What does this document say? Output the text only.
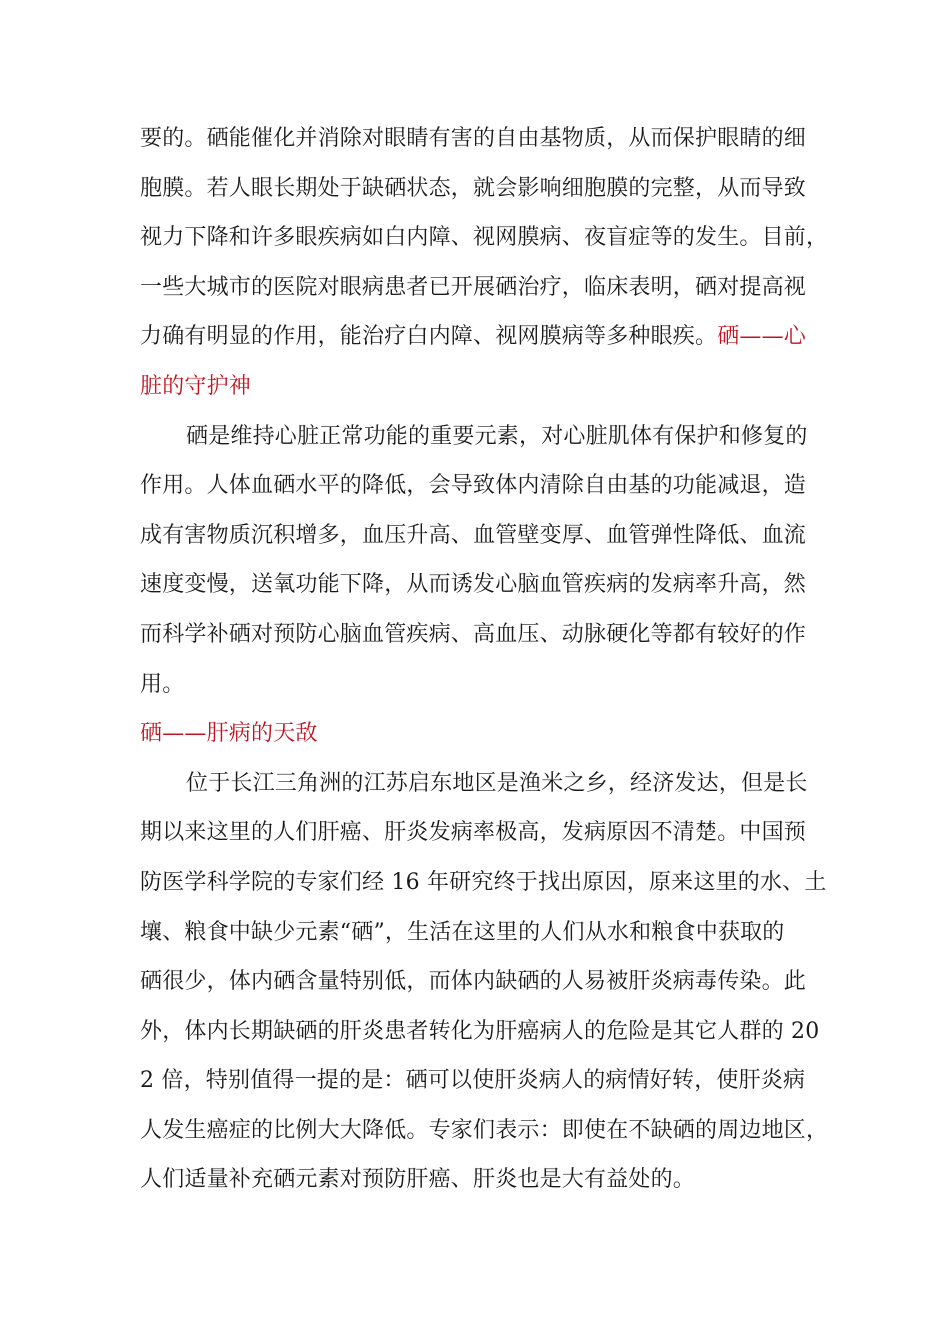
要的。硒能催化并消除对眼睛有害的自由基物质，从而保护眼睛的细
胞膜。若人眼长期处于缺硒状态，就会影响细胞膜的完整，从而导致
视力下降和许多眼疾病如白内障、视网膜病、夜盲症等的发生。目前，
一些大城市的医院对眼病患者已开展硒治疗，临床表明，硒对提高视
力确有明显的作用，能治疗白内障、视网膜病等多种眼疾。硒——心
脏的守护神
硒是维持心脏正常功能的重要元素，对心脏肌体有保护和修复的
作用。人体血硒水平的降低，会导致体内清除自由基的功能减退，造
成有害物质沉积增多，血压升高、血管壁变厚、血管弹性降低、血流
速度变慢，送氧功能下降，从而诱发心脑血管疾病的发病率升高，然
而科学补硒对预防心脑血管疾病、高血压、动脉硬化等都有较好的作
用。
硒——肝病的天敌
位于长江三角洲的江苏启东地区是渔米之乡，经济发达，但是长
期以来这里的人们肝癌、肝炎发病率极高，发病原因不清楚。中国预
防医学科学院的专家们经 16 年研究终于找出原因，原来这里的水、土
壤、粮食中缺少元素“硒”，生活在这里的人们从水和粮食中获取的
硒很少，体内硒含量特别低，而体内缺硒的人易被肝炎病毒传染。此
外，体内长期缺硒的肝炎患者转化为肝癌病人的危险是其它人群的 20
2 倍，特别值得一提的是：硒可以使肝炎病人的病情好转，使肝炎病
人发生癌症的比例大大降低。专家们表示：即使在不缺硒的周边地区，
人们适量补充硒元素对预防肝癌、肝炎也是大有益处的。
